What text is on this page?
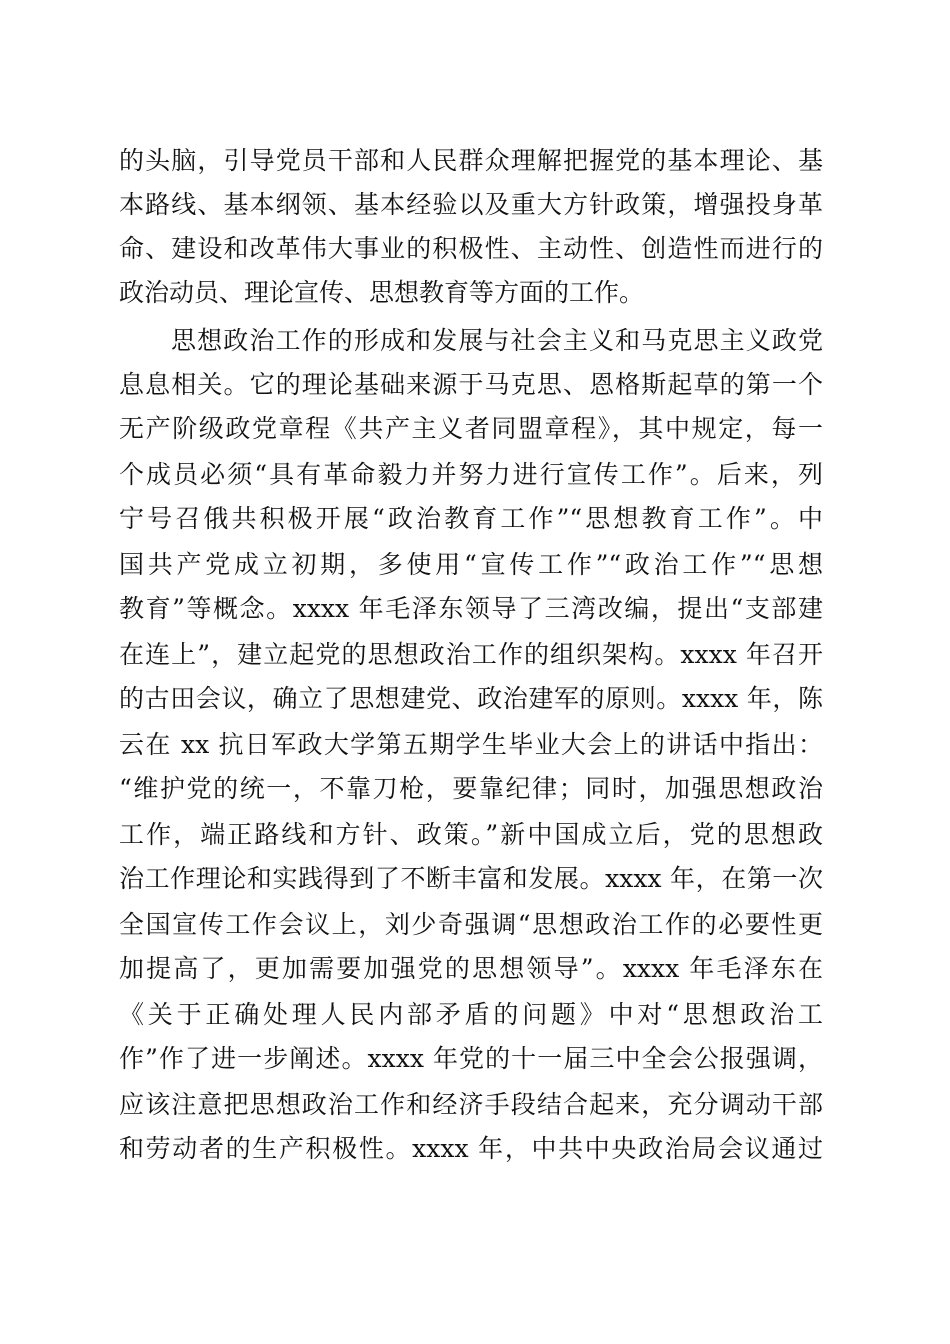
的头脑，引导党员干部和人民群众理解把握党的基本理论、基
本路线、基本纲领、基本经验以及重大方针政策，增强投身革
命、建设和改革伟大事业的积极性、主动性、创造性而进行的
政治动员、理论宣传、思想教育等方面的工作。
思想政治工作的形成和发展与社会主义和马克思主义政党
息息相关。它的理论基础来源于马克思、恩格斯起草的第一个
无产阶级政党章程《共产主义者同盟章程》，其中规定，每一
个成员必须“具有革命毅力并努力进行宣传工作”。后来，列
宁号召俄共积极开展“政治教育工作”“思想教育工作”。中
国共产党成立初期，多使用“宣传工作”“政治工作”“思想
教育”等概念。xxxx 年毛泽东领导了三湾改编，提出“支部建
在连上”，建立起党的思想政治工作的组织架构。xxxx 年召开
的古田会议，确立了思想建党、政治建军的原则。xxxx 年，陈
云在 xx 抗日军政大学第五期学生毕业大会上的讲话中指出：
“维护党的统一，不靠刀枪，要靠纪律；同时，加强思想政治
工作，端正路线和方针、政策。”新中国成立后，党的思想政
治工作理论和实践得到了不断丰富和发展。xxxx 年，在第一次
全国宣传工作会议上，刘少奇强调“思想政治工作的必要性更
加提高了，更加需要加强党的思想领导”。xxxx 年毛泽东在
《关于正确处理人民内部矛盾的问题》中对“思想政治工
作”作了进一步阐述。xxxx 年党的十一届三中全会公报强调，
应该注意把思想政治工作和经济手段结合起来，充分调动干部
和劳动者的生产积极性。xxxx 年，中共中央政治局会议通过
